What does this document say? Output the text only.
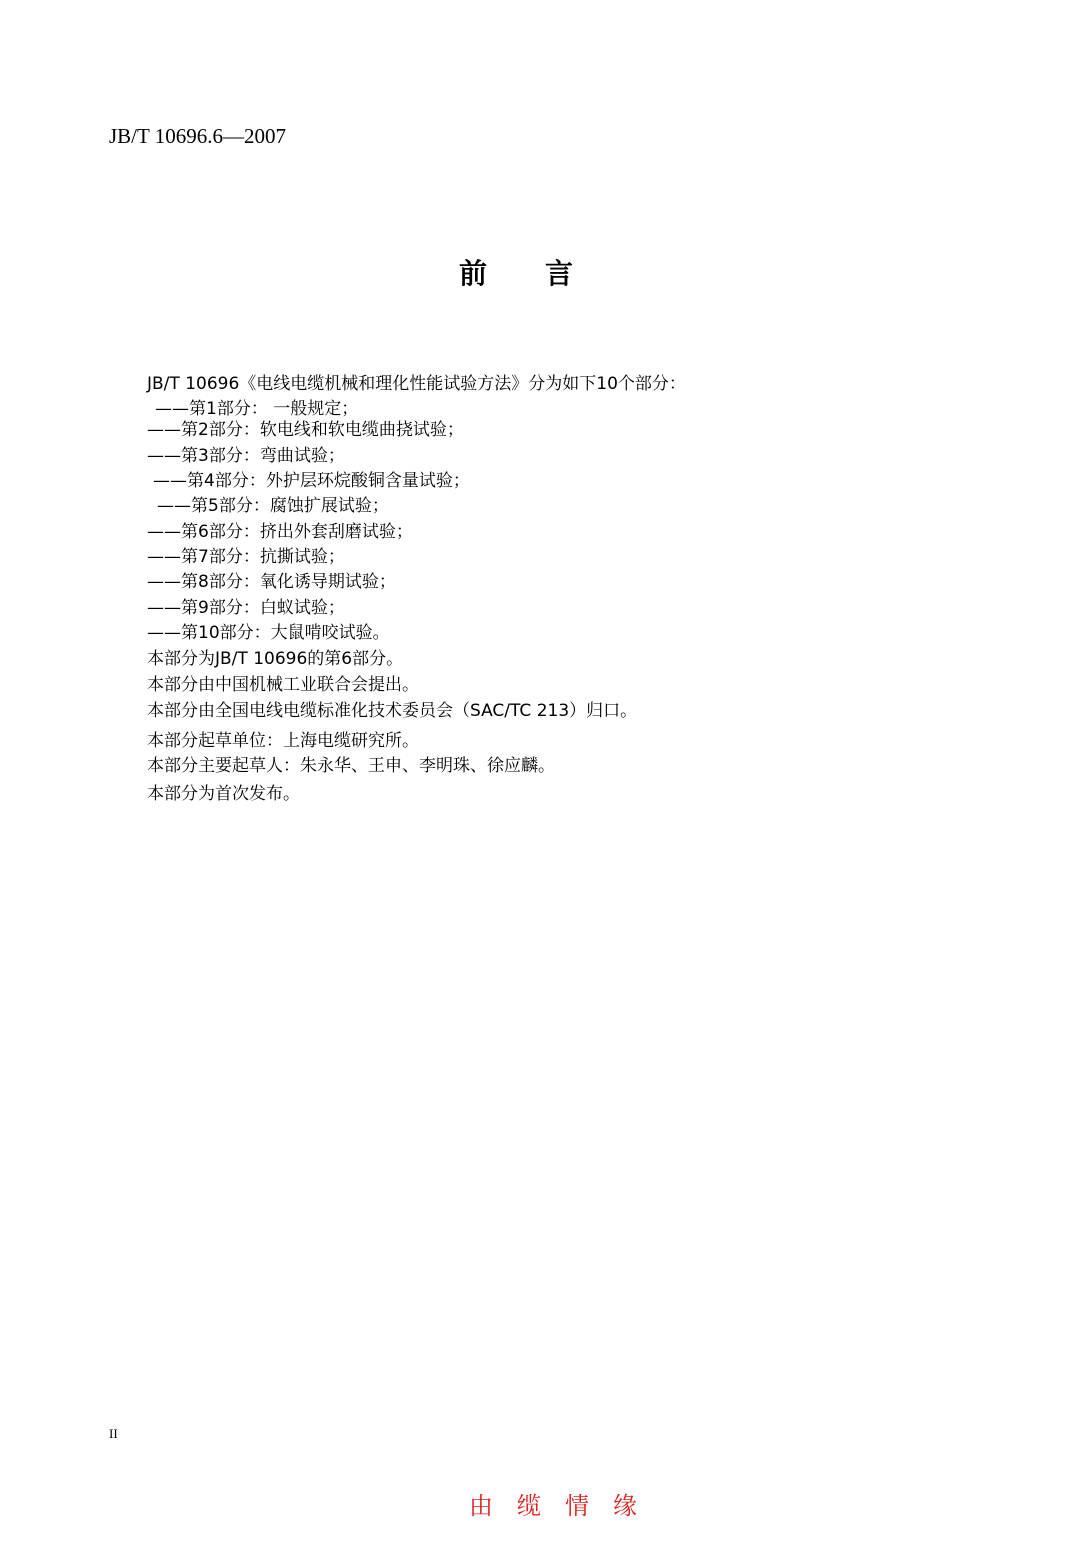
JB/T 10696.6—2007
前言
JB/T 10696《电线电缆机械和理化性能试验方法》分为如下10个部分：
——第1部分： 一般规定；
——第2部分：软电线和软电缆曲挠试验；
——第3部分：弯曲试验；
——第4部分：外护层环烷酸铜含量试验；
——第5部分：腐蚀扩展试验；
——第6部分：挤出外套刮磨试验；
——第7部分：抗撕试验；
——第8部分：氧化诱导期试验；
——第9部分：白蚁试验；
——第10部分：大鼠啃咬试验。
本部分为JB/T 10696的第6部分。
本部分由中国机械工业联合会提出。
本部分由全国电线电缆标准化技术委员会（SAC/TC 213）归口。
本部分起草单位：上海电缆研究所。
本部分主要起草人：朱永华、王申、李明珠、徐应麟。
本部分为首次发布。
II
由缆情缘
